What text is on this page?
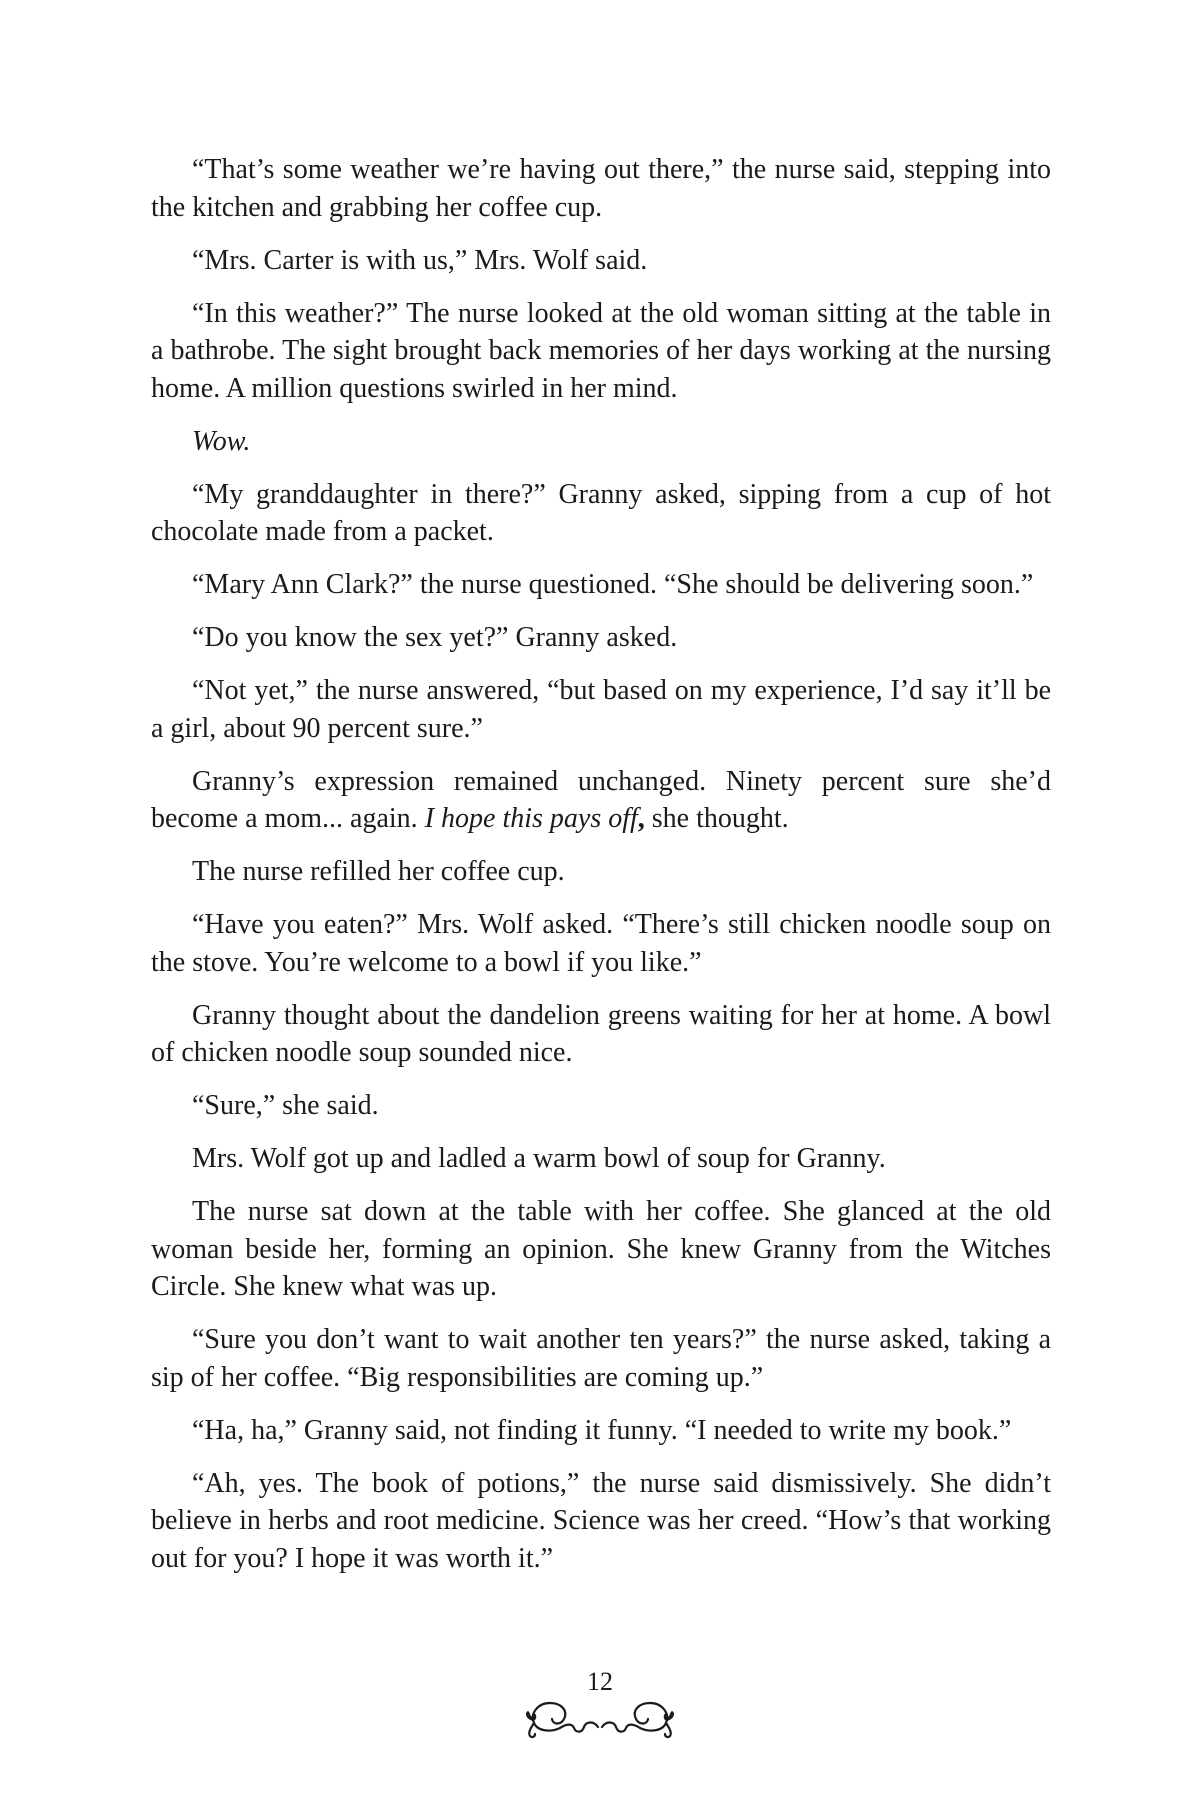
“That’s some weather we’re having out there,” the nurse said, stepping into the kitchen and grabbing her coffee cup.

“Mrs. Carter is with us,” Mrs. Wolf said.

“In this weather?” The nurse looked at the old woman sitting at the table in a bathrobe. The sight brought back memories of her days working at the nursing home. A million questions swirled in her mind.

Wow.

“My granddaughter in there?” Granny asked, sipping from a cup of hot chocolate made from a packet.

“Mary Ann Clark?” the nurse questioned. “She should be delivering soon.”

“Do you know the sex yet?” Granny asked.

“Not yet,” the nurse answered, “but based on my experience, I’d say it’ll be a girl, about 90 percent sure.”

Granny’s expression remained unchanged. Ninety percent sure she’d become a mom... again. I hope this pays off, she thought.

The nurse refilled her coffee cup.

“Have you eaten?” Mrs. Wolf asked. “There’s still chicken noodle soup on the stove. You’re welcome to a bowl if you like.”

Granny thought about the dandelion greens waiting for her at home. A bowl of chicken noodle soup sounded nice.

“Sure,” she said.

Mrs. Wolf got up and ladled a warm bowl of soup for Granny.

The nurse sat down at the table with her coffee. She glanced at the old woman beside her, forming an opinion. She knew Granny from the Witches Circle. She knew what was up.

“Sure you don’t want to wait another ten years?” the nurse asked, taking a sip of her coffee. “Big responsibilities are coming up.”

“Ha, ha,” Granny said, not finding it funny. “I needed to write my book.”

“Ah, yes. The book of potions,” the nurse said dismissively. She didn’t believe in herbs and root medicine. Science was her creed. “How’s that working out for you? I hope it was worth it.”

12
